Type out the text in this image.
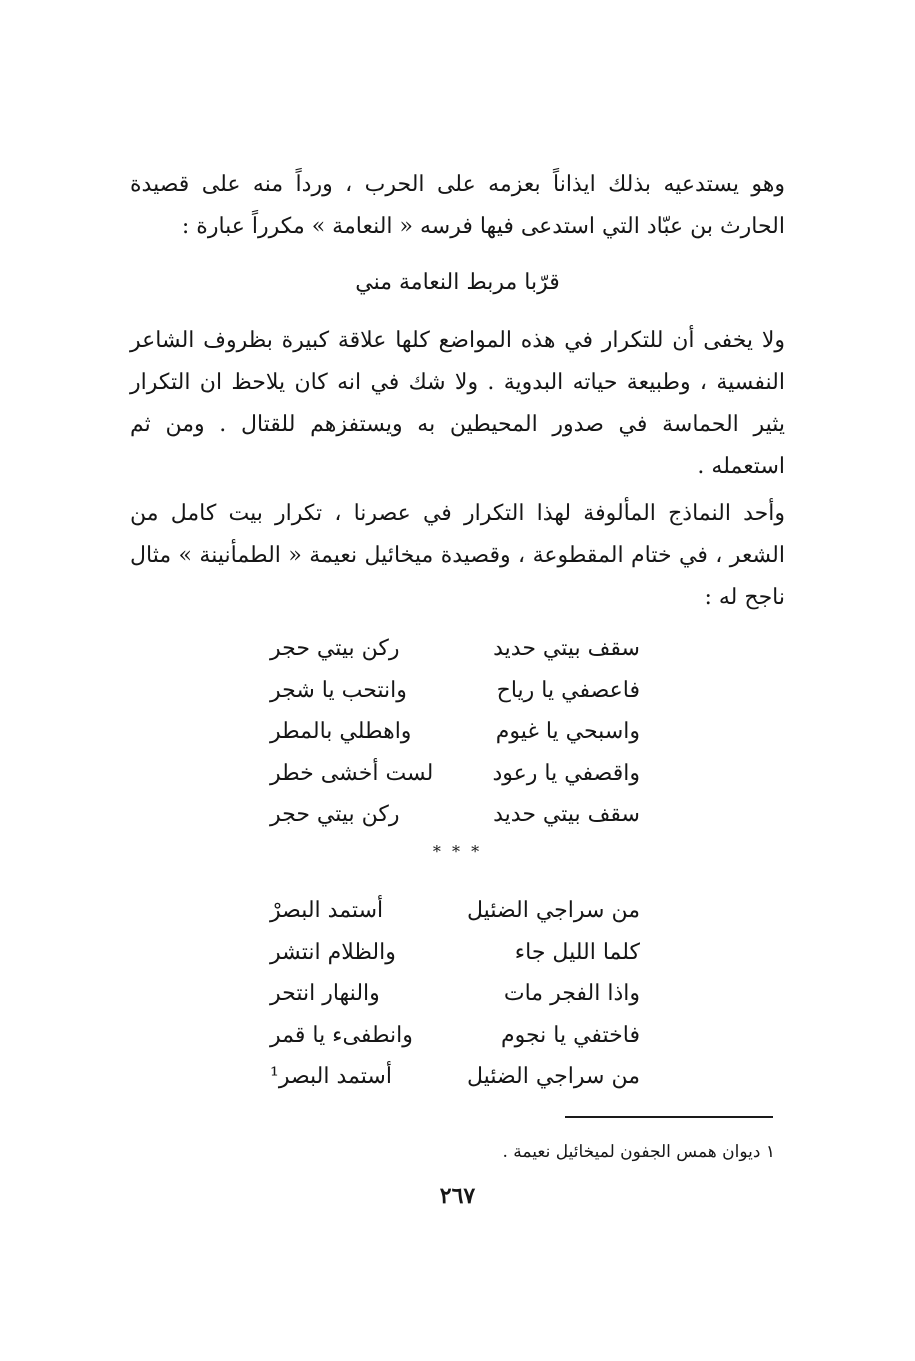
وهو يستدعيه بذلك ايذاناً بعزمه على الحرب ، ورداً منه على قصيدة الحارث بن عبّاد التي استدعى فيها فرسه « النعامة » مكرراً عبارة :
قرّبا مربط النعامة مني
ولا يخفى أن للتكرار في هذه المواضع كلها علاقة كبيرة بظروف الشاعر النفسية ، وطبيعة حياته البدوية . ولا شك في انه كان يلاحظ ان التكرار يثير الحماسة في صدور المحيطين به ويستفزهم للقتال . ومن ثم استعمله .
وأحد النماذج المألوفة لهذا التكرار في عصرنا ، تكرار بيت كامل من الشعر ، في ختام المقطوعة ، وقصيدة ميخائيل نعيمة « الطمأنينة » مثال ناجح له :
سقف بيتي حديد
ركن بيتي حجر
فاعصفي يا رياح
وانتحب يا شجر
واسبحي يا غيوم
واهطلي بالمطر
واقصفي يا رعود
لست أخشى خطر
سقف بيتي حديد
ركن بيتي حجر
* * *
من سراجي الضئيل
أستمد البصرْ
كلما الليل جاء
والظلام انتشر
واذا الفجر مات
والنهار انتحر
فاختفي يا نجوم
وانطفىء يا قمر
من سراجي الضئيل
أستمد البصر¹
١ ديوان همس الجفون لميخائيل نعيمة .
٢٦٧
